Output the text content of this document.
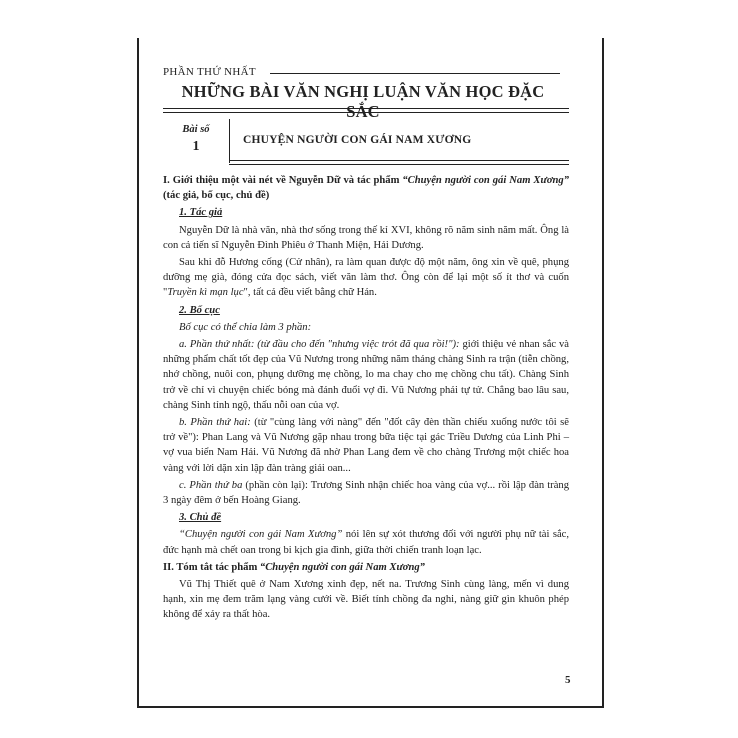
PHẦN THỨ NHẤT
NHỮNG BÀI VĂN NGHỊ LUẬN VĂN HỌC ĐẶC SẮC
Bài số
1	CHUYỆN NGƯỜI CON GÁI NAM XƯƠNG

I. Giới thiệu một vài nét về Nguyễn Dữ và tác phẩm “Chuyện người con gái Nam Xương” (tác giả, bố cục, chủ đề)

1. Tác giả

Nguyễn Dữ là nhà văn, nhà thơ sống trong thế kỉ XVI, không rõ năm sinh năm mất. Ông là con cả tiến sĩ Nguyễn Đình Phiêu ở Thanh Miện, Hải Dương.

Sau khi đỗ Hương cống (Cử nhân), ra làm quan được độ một năm, ông xin về quê, phụng dưỡng mẹ già, đóng cửa đọc sách, viết văn làm thơ. Ông còn để lại một số ít thơ và cuốn "Truyền kì mạn lục", tất cả đều viết bằng chữ Hán.

2. Bố cục

Bố cục có thể chia làm 3 phần:

a. Phần thứ nhất: (từ đầu cho đến "nhưng việc trót đã qua rồi!"): giới thiệu vẻ nhan sắc và những phẩm chất tốt đẹp của Vũ Nương trong những năm tháng chàng Sinh ra trận (tiễn chồng, nhớ chồng, nuôi con, phụng dưỡng mẹ chồng, lo ma chay cho mẹ chồng chu tất). Chàng Sinh trở về chỉ vì chuyện chiếc bóng mà đánh đuổi vợ đi. Vũ Nương phải tự tử. Chẳng bao lâu sau, chàng Sinh tỉnh ngộ, thấu nỗi oan của vợ.

b. Phần thứ hai: (từ "cùng làng với nàng" đến "đốt cây đèn thần chiếu xuống nước tôi sẽ trở về"): Phan Lang và Vũ Nương gặp nhau trong bữa tiệc tại gác Triều Dương của Linh Phi – vợ vua biển Nam Hải. Vũ Nương đã nhờ Phan Lang đem về cho chàng Trương một chiếc hoa vàng với lời dặn xin lập đàn tràng giải oan...

c. Phần thứ ba (phần còn lại): Trương Sinh nhận chiếc hoa vàng của vợ... rồi lập đàn tràng 3 ngày đêm ở bến Hoàng Giang.

3. Chủ đề

“Chuyện người con gái Nam Xương” nói lên sự xót thương đối với người phụ nữ tài sắc, đức hạnh mà chết oan trong bi kịch gia đình, giữa thời chiến tranh loạn lạc.

II. Tóm tắt tác phẩm “Chuyện người con gái Nam Xương”

Vũ Thị Thiết quê ở Nam Xương xinh đẹp, nết na. Trương Sinh cùng làng, mến vì dung hạnh, xin mẹ đem trăm lạng vàng cưới về. Biết tính chồng đa nghi, nàng giữ gìn khuôn phép không để xảy ra thất hòa.

5
